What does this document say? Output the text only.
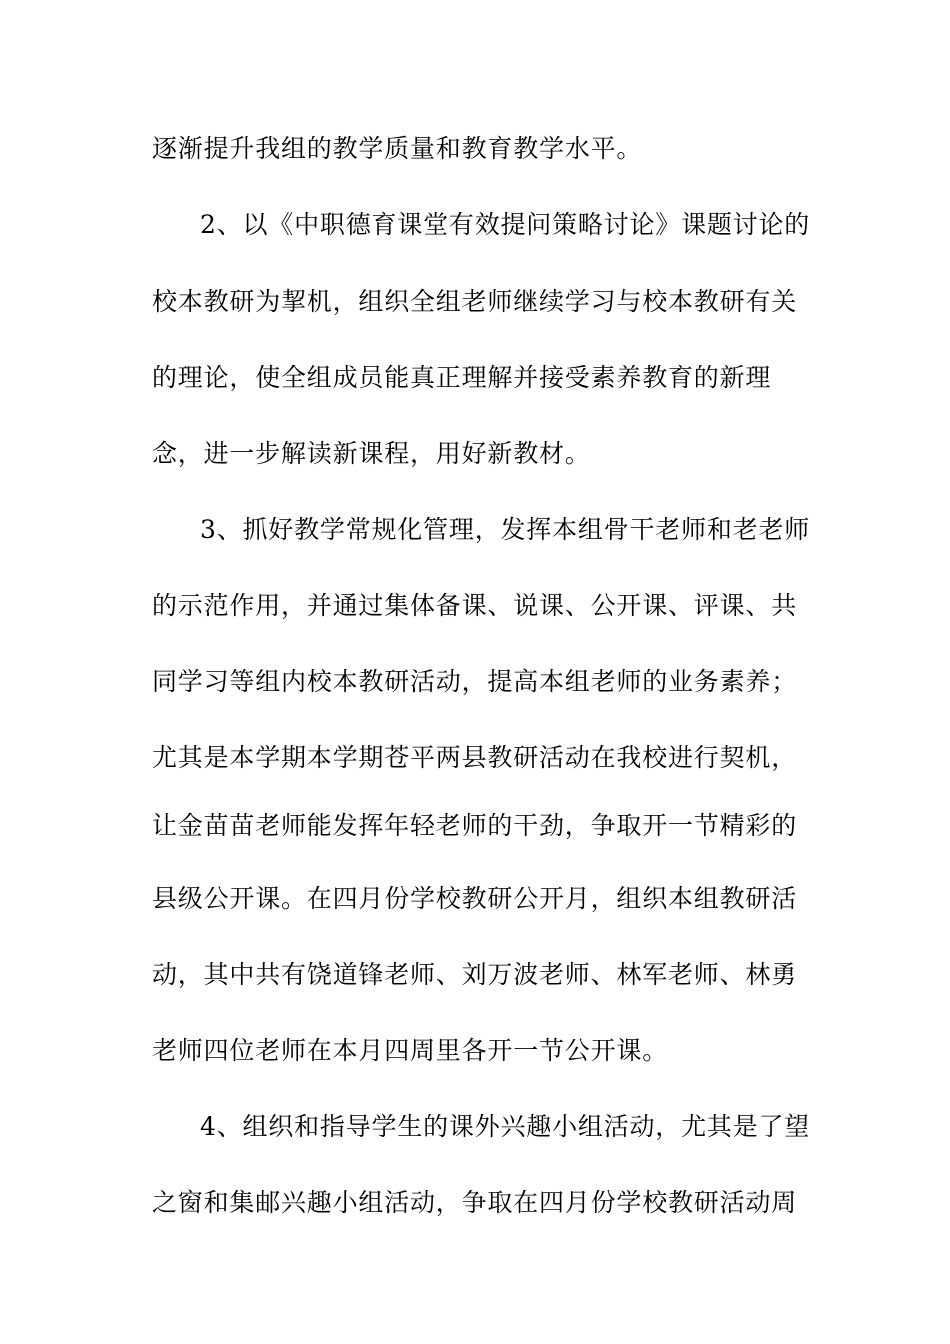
逐渐提升我组的教学质量和教育教学水平。
2、以《中职德育课堂有效提问策略讨论》课题讨论的
校本教研为挈机，组织全组老师继续学习与校本教研有关
的理论，使全组成员能真正理解并接受素养教育的新理
念，进一步解读新课程，用好新教材。
3、抓好教学常规化管理，发挥本组骨干老师和老老师
的示范作用，并通过集体备课、说课、公开课、评课、共
同学习等组内校本教研活动，提高本组老师的业务素养；
尤其是本学期本学期苍平两县教研活动在我校进行契机，
让金苗苗老师能发挥年轻老师的干劲，争取开一节精彩的
县级公开课。在四月份学校教研公开月，组织本组教研活
动，其中共有饶道锋老师、刘万波老师、林军老师、林勇
老师四位老师在本月四周里各开一节公开课。
4、组织和指导学生的课外兴趣小组活动，尤其是了望
之窗和集邮兴趣小组活动，争取在四月份学校教研活动周
